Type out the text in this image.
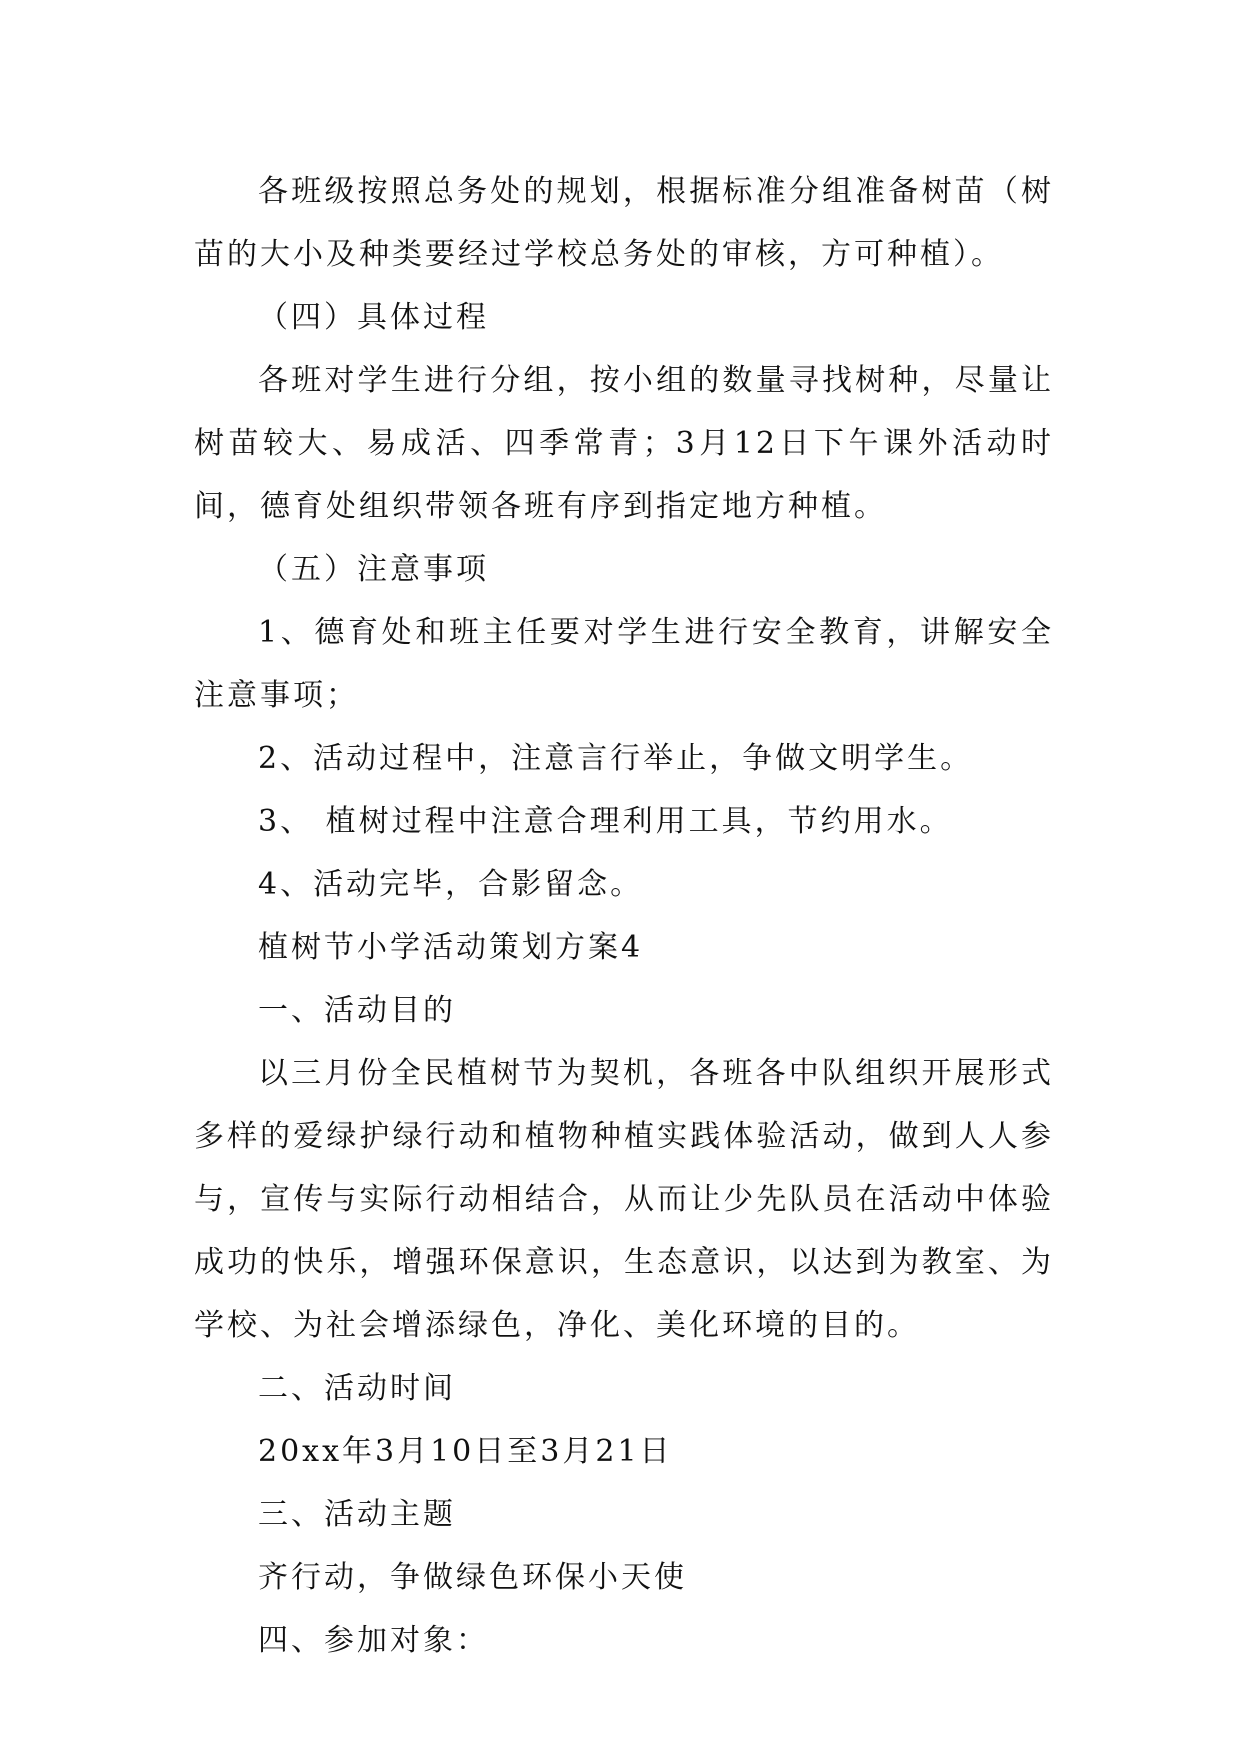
各班级按照总务处的规划，根据标准分组准备树苗（树苗的大小及种类要经过学校总务处的审核，方可种植）。

（四）具体过程

各班对学生进行分组，按小组的数量寻找树种，尽量让树苗较大、易成活、四季常青；3月12日下午课外活动时间，德育处组织带领各班有序到指定地方种植。

（五）注意事项

1、德育处和班主任要对学生进行安全教育，讲解安全注意事项；

2、活动过程中，注意言行举止，争做文明学生。

3、 植树过程中注意合理利用工具，节约用水。

4、活动完毕，合影留念。

植树节小学活动策划方案4

一、活动目的

以三月份全民植树节为契机，各班各中队组织开展形式多样的爱绿护绿行动和植物种植实践体验活动，做到人人参与，宣传与实际行动相结合，从而让少先队员在活动中体验成功的快乐，增强环保意识，生态意识，以达到为教室、为学校、为社会增添绿色，净化、美化环境的目的。

二、活动时间

20xx年3月10日至3月21日

三、活动主题

齐行动，争做绿色环保小天使

四、参加对象：
